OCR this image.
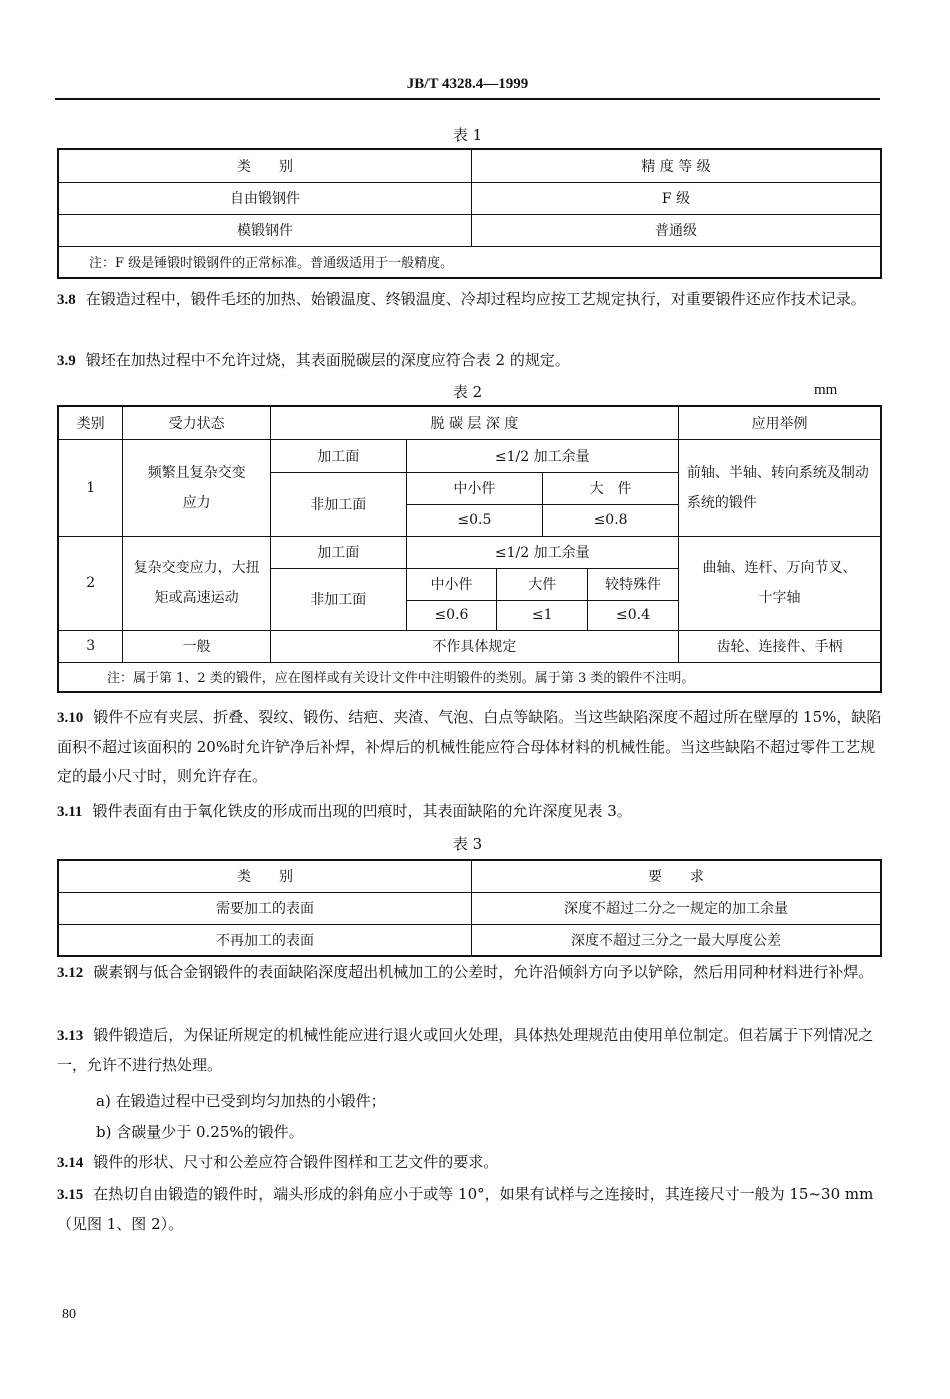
JB/T 4328.4—1999
表 1
类　　别	精 度 等 级
自由锻钢件	F 级
模锻钢件	普通级
注：F 级是锤锻时锻钢件的正常标准。普通级适用于一般精度。	
3.8 在锻造过程中，锻件毛坯的加热、始锻温度、终锻温度、冷却过程均应按工艺规定执行，对重要锻件还应作技术记录。
3.9 锻坯在加热过程中不允许过烧，其表面脱碳层的深度应符合表 2 的规定。
表 2	mm
类别	受力状态	脱 碳 层 深 度					应用举例
1	频繁且复杂交变应力	加工面	≤1/2 加工余量				前轴、半轴、转向系统及制动系统的锻件
		非加工面	中小件		大　件		
			≤0.5		≤0.8		
2	复杂交变应力，大扭矩或高速运动	加工面	≤1/2 加工余量				曲轴、连杆、万向节叉、十字轴
		非加工面	中小件	大件		较特殊件	
			≤0.6	≤1		≤0.4	
3	一般	不作具体规定					齿轮、连接件、手柄
注：属于第 1、2 类的锻件，应在图样或有关设计文件中注明锻件的类别。属于第 3 类的锻件不注明。							
3.10 锻件不应有夹层、折叠、裂纹、锻伤、结疤、夹渣、气泡、白点等缺陷。当这些缺陷深度不超过所在壁厚的 15%，缺陷面积不超过该面积的 20%时允许铲净后补焊，补焊后的机械性能应符合母体材料的机械性能。当这些缺陷不超过零件工艺规定的最小尺寸时，则允许存在。
3.11 锻件表面有由于氧化铁皮的形成而出现的凹痕时，其表面缺陷的允许深度见表 3。
表 3
类　　别	要　　求
需要加工的表面	深度不超过二分之一规定的加工余量
不再加工的表面	深度不超过三分之一最大厚度公差
3.12 碳素钢与低合金钢锻件的表面缺陷深度超出机械加工的公差时，允许沿倾斜方向予以铲除，然后用同种材料进行补焊。
3.13 锻件锻造后，为保证所规定的机械性能应进行退火或回火处理，具体热处理规范由使用单位制定。但若属于下列情况之一，允许不进行热处理。
a) 在锻造过程中已受到均匀加热的小锻件；
b) 含碳量少于 0.25%的锻件。
3.14 锻件的形状、尺寸和公差应符合锻件图样和工艺文件的要求。
3.15 在热切自由锻造的锻件时，端头形成的斜角应小于或等 10°，如果有试样与之连接时，其连接尺寸一般为 15~30 mm（见图 1、图 2）。
80
